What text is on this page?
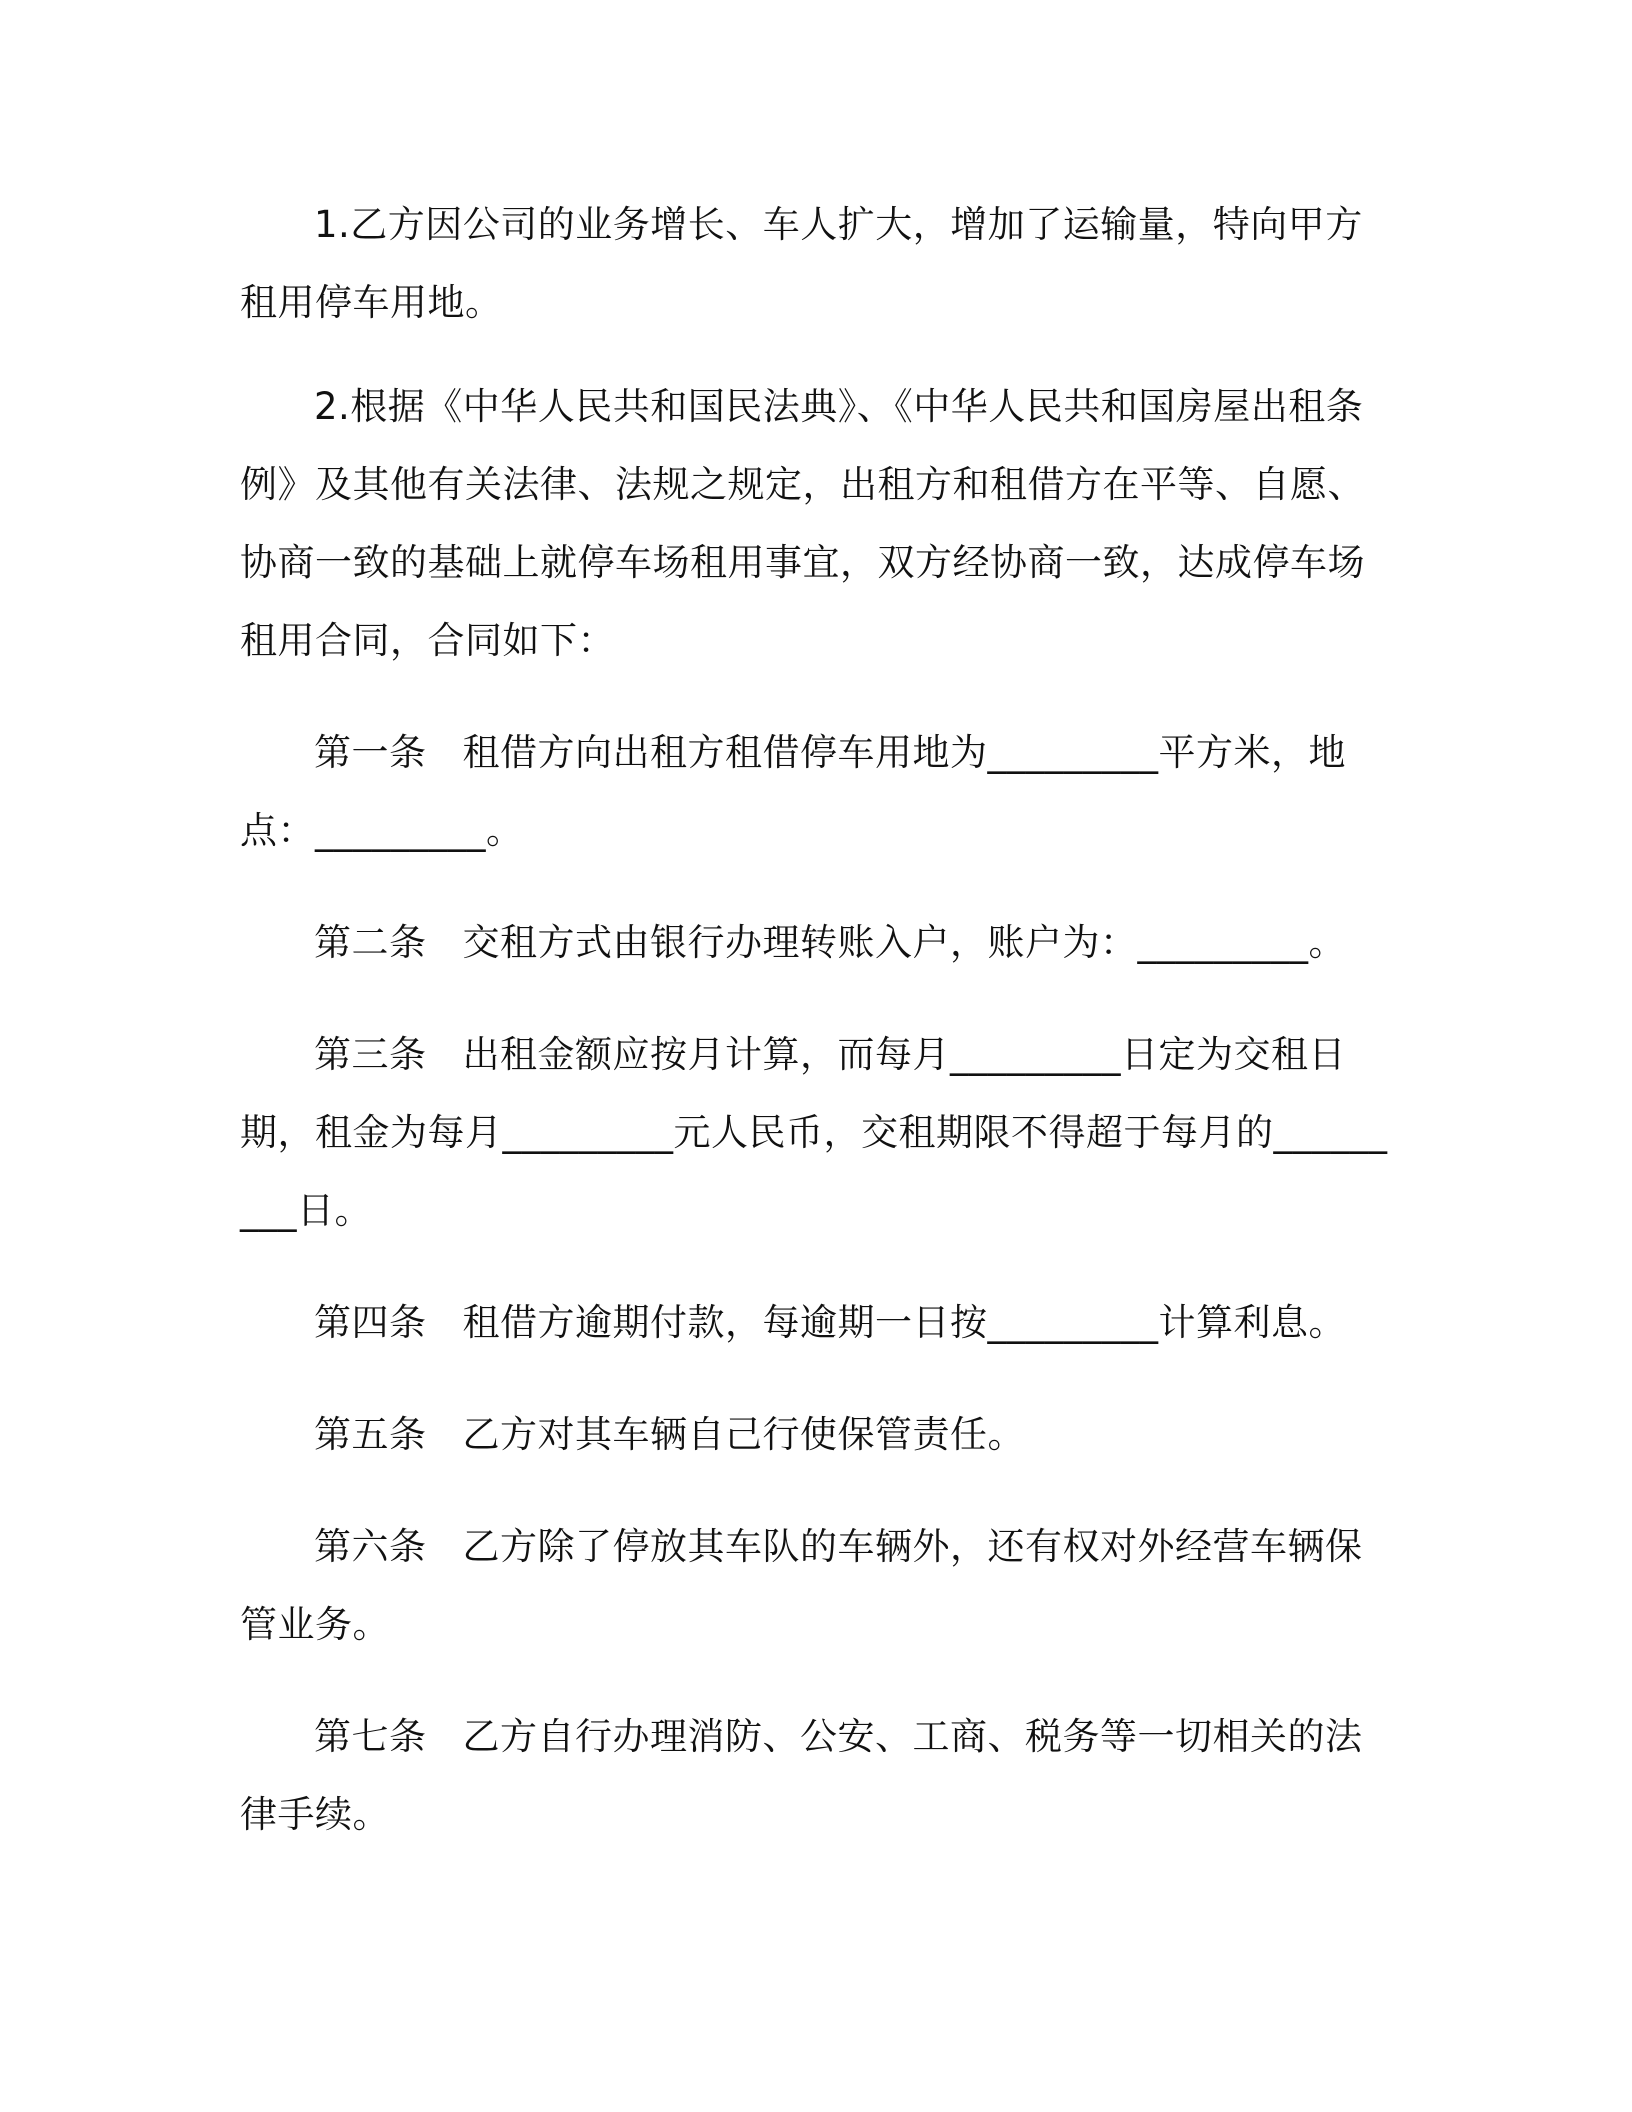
1.乙方因公司的业务增长、车人扩大，增加了运输量，特向甲方租用停车用地。

2.根据《中华人民共和国民法典》、《中华人民共和国房屋出租条例》及其他有关法律、法规之规定，出租方和租借方在平等、自愿、协商一致的基础上就停车场租用事宜，双方经协商一致，达成停车场租用合同，合同如下：

第一条 租借方向出租方租借停车用地为_________平方米，地点：_________。

第二条 交租方式由银行办理转账入户，账户为：_________。

第三条 出租金额应按月计算，而每月_________日定为交租日期，租金为每月_________元人民币，交租期限不得超于每月的_________日。

第四条 租借方逾期付款，每逾期一日按_________计算利息。

第五条 乙方对其车辆自己行使保管责任。

第六条 乙方除了停放其车队的车辆外，还有权对外经营车辆保管业务。

第七条 乙方自行办理消防、公安、工商、税务等一切相关的法律手续。
